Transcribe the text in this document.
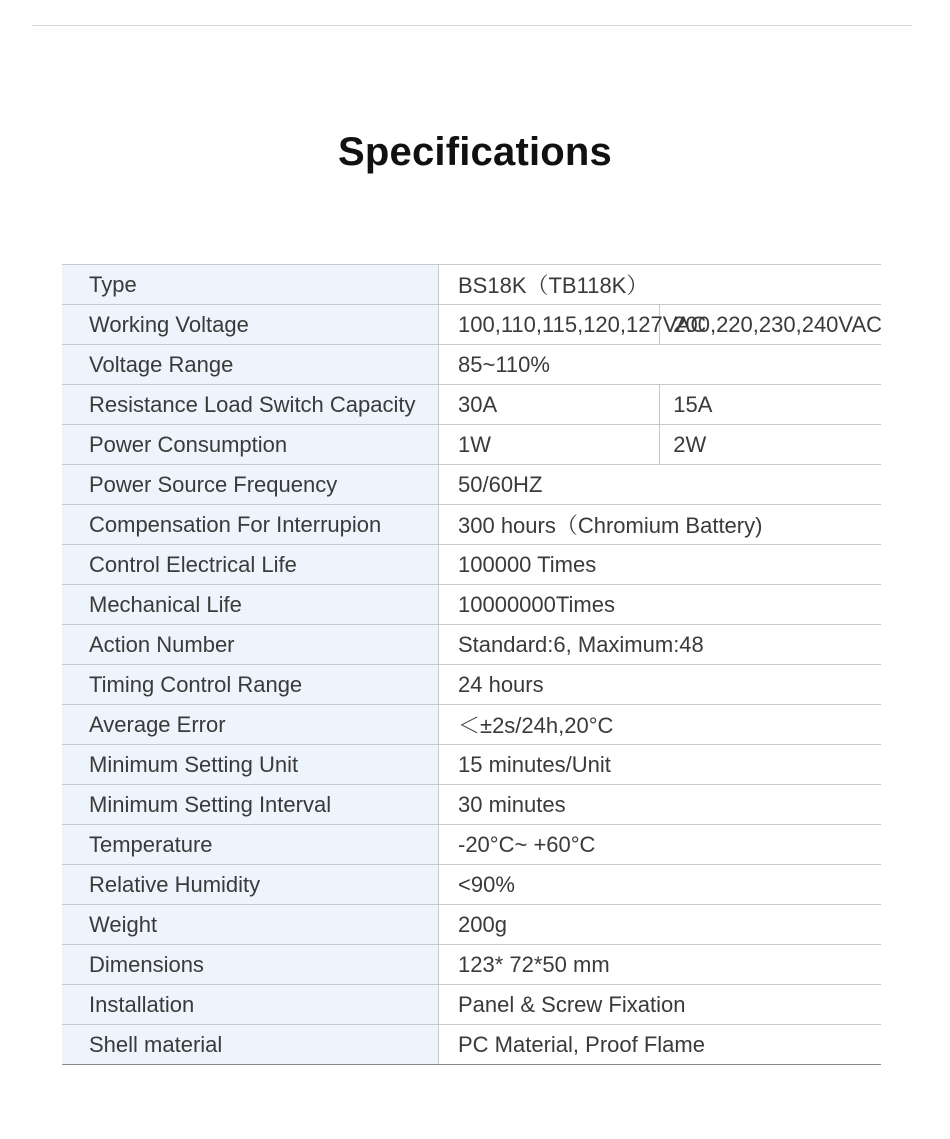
Specifications
Type	BS18K（TB118K）	
Working Voltage	100,110,115,120,127VAC	200,220,230,240VAC
Voltage Range	85~110%	
Resistance Load Switch Capacity	30A	15A
Power Consumption	1W	2W
Power Source Frequency	50/60HZ	
Compensation For Interrupion	300 hours（Chromium Battery)	
Control Electrical Life	100000 Times	
Mechanical Life	10000000Times	
Action Number	Standard:6, Maximum:48	
Timing Control Range	24 hours	
Average Error	＜±2s/24h,20°C	
Minimum Setting Unit	15 minutes/Unit	
Minimum Setting Interval	30 minutes	
Temperature	-20°C~ +60°C	
Relative Humidity	<90%	
Weight	200g	
Dimensions	123* 72*50 mm	
Installation	Panel & Screw Fixation	
Shell material	PC Material, Proof Flame	
